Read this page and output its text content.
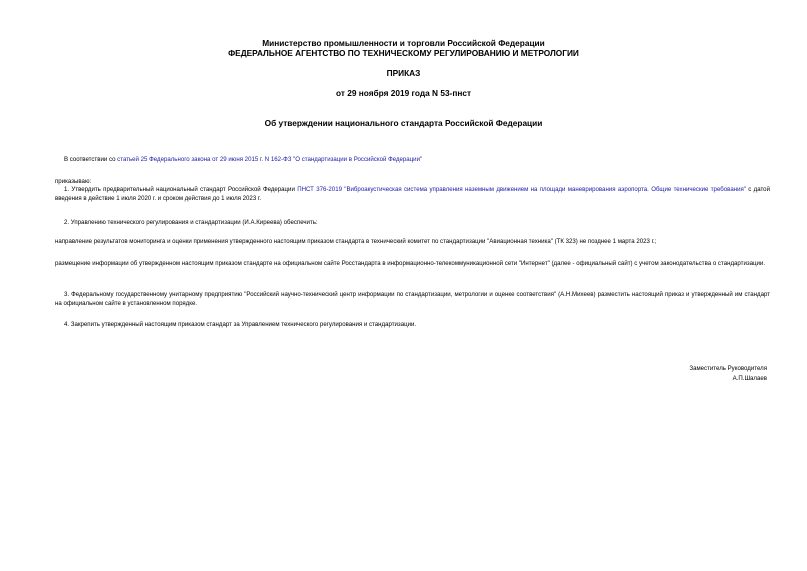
Министерство промышленности и торговли Российской Федерации
ФЕДЕРАЛЬНОЕ АГЕНТСТВО ПО ТЕХНИЧЕСКОМУ РЕГУЛИРОВАНИЮ И МЕТРОЛОГИИ
ПРИКАЗ
от 29 ноября 2019 года N 53-пнст
Об утверждении национального стандарта Российской Федерации
В соответствии со статьей 25 Федерального закона от 29 июня 2015 г. N 162-ФЗ "О стандартизации в Российской Федерации"
приказываю:
1. Утвердить предварительный национальный стандарт Российской Федерации ПНСТ 376-2019 "Виброакустическая система управления наземным движением на площади маневрирования аэропорта. Общие технические требования" с датой введения в действие 1 июля 2020 г. и сроком действия до 1 июля 2023 г.
2. Управлению технического регулирования и стандартизации (И.А.Киреева) обеспечить:
направление результатов мониторинга и оценки применения утвержденного настоящим приказом стандарта в технический комитет по стандартизации "Авиационная техника" (ТК 323) не позднее 1 марта 2023 г.;
размещение информации об утвержденном настоящим приказом стандарте на официальном сайте Росстандарта в информационно-телекоммуникационной сети "Интернет" (далее - официальный сайт) с учетом законодательства о стандартизации.
3. Федеральному государственному унитарному предприятию "Российский научно-технический центр информации по стандартизации, метрологии и оценке соответствия" (А.Н.Михеев) разместить настоящий приказ и утвержденный им стандарт на официальном сайте в установленном порядке.
4. Закрепить утвержденный настоящим приказом стандарт за Управлением технического регулирования и стандартизации.
Заместитель Руководителя
А.П.Шалаев
